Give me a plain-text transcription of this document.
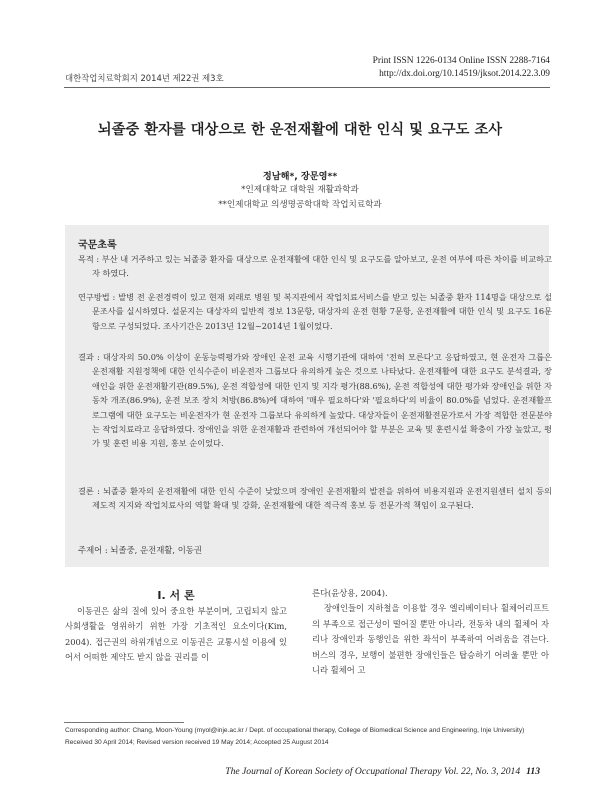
대한작업치료학회지 2014년 제22권 제3호
Print ISSN 1226-0134 Online ISSN 2288-7164
http://dx.doi.org/10.14519/jksot.2014.22.3.09
뇌졸중 환자를 대상으로 한 운전재활에 대한 인식 및 요구도 조사
정남해*, 장문영**
*인제대학교 대학원 재활과학과
**인제대학교 의생명공학대학 작업치료학과
국문초록
목적 : 부산 내 거주하고 있는 뇌졸중 환자를 대상으로 운전재활에 대한 인식 및 요구도를 알아보고, 운전 여부에 따른 차이를 비교하고자 하였다.
연구방법 : 발병 전 운전경력이 있고 현재 외래로 병원 및 복지관에서 작업치료서비스를 받고 있는 뇌졸중 환자 114명을 대상으로 설문조사를 실시하였다. 설문지는 대상자의 일반적 정보 13문항, 대상자의 운전 현황 7문항, 운전재활에 대한 인식 및 요구도 16문항으로 구성되었다. 조사기간은 2013년 12월~2014년 1월이었다.
결과 : 대상자의 50.0% 이상이 운동능력평가와 장애인 운전 교육 시행기관에 대하여 '전혀 모른다'고 응답하였고, 현 운전자 그룹은 운전재활 지원정책에 대한 인식수준이 비운전자 그룹보다 유의하게 높은 것으로 나타났다. 운전재활에 대한 요구도 분석결과, 장애인을 위한 운전재활기관(89.5%), 운전 적합성에 대한 인지 및 지각 평가(88.6%), 운전 적합성에 대한 평가와 장애인을 위한 자동차 개조(86.9%), 운전 보조 장치 처방(86.8%)에 대하여 '매우 필요하다'와 '필요하다'의 비율이 80.0%를 넘었다. 운전재활프로그램에 대한 요구도는 비운전자가 현 운전자 그룹보다 유의하게 높았다. 대상자들이 운전재활전문가로서 가장 적합한 전문분야는 작업치료라고 응답하였다. 장애인을 위한 운전재활과 관련하여 개선되어야 할 부분은 교육 및 훈련시설 확충이 가장 높았고, 평가 및 훈련 비용 지원, 홍보 순이었다.
결론 : 뇌졸중 환자의 운전재활에 대한 인식 수준이 낮았으며 장애인 운전재활의 발전을 위하여 비용지원과 운전지원센터 설치 등의 제도적 지지와 작업치료사의 역할 확대 및 강화, 운전재활에 대한 적극적 홍보 등 전문가적 책임이 요구된다.
주제어 : 뇌졸중, 운전재활, 이동권
I. 서 론
이동권은 삶의 질에 있어 중요한 부분이며, 고립되지 않고 사회생활을 영위하기 위한 가장 기초적인 요소이다(Kim, 2004). 접근권의 하위개념으로 이동권은 교통시설 이용에 있어서 어떠한 제약도 받지 않을 권리를 이
른다(윤상용, 2004).
장애인들이 지하철을 이용할 경우 엘리베이터나 휠체어리프트의 부족으로 접근성이 떨어질 뿐만 아니라, 전동차 내의 휠체어 자리나 장애인과 동행인을 위한 좌석이 부족하여 어려움을 겪는다. 버스의 경우, 보행이 불편한 장애인들은 탑승하기 어려울 뿐만 아니라 휠체어 고
Corresponding author: Chang, Moon-Young (myol@inje.ac.kr / Dept. of occupational therapy, College of Biomedical Science and Engineering, Inje University)
Received 30 April 2014; Revised version received 19 May 2014; Accepted 25 August 2014
The Journal of Korean Society of Occupational Therapy Vol. 22, No. 3, 2014 113
